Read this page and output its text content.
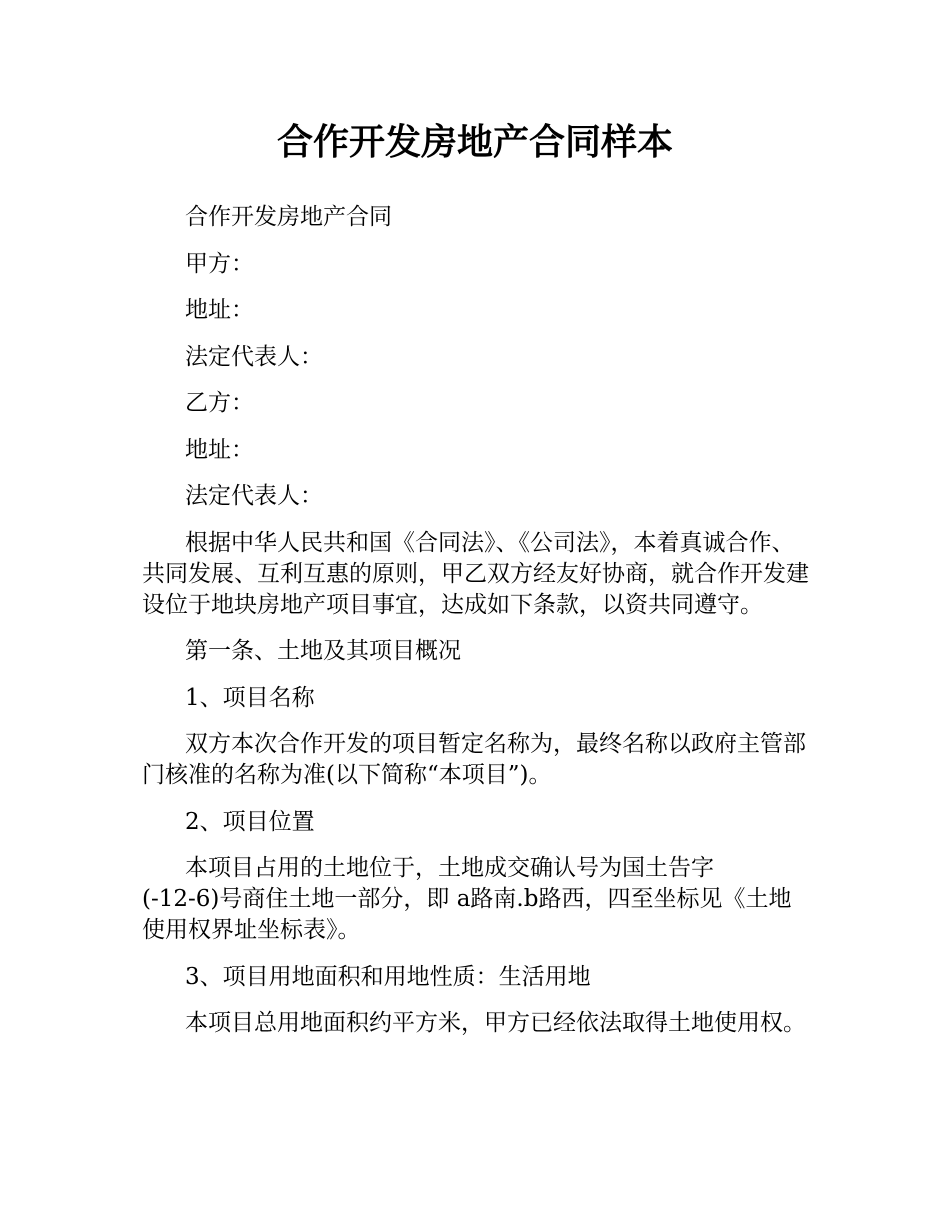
合作开发房地产合同样本

合作开发房地产合同

甲方：

地址：

法定代表人：

乙方：

地址：

法定代表人：

根据中华人民共和国《合同法》、《公司法》，本着真诚合作、共同发展、互利互惠的原则，甲乙双方经友好协商，就合作开发建设位于地块房地产项目事宜，达成如下条款，以资共同遵守。

第一条、土地及其项目概况

1、项目名称

双方本次合作开发的项目暂定名称为，最终名称以政府主管部门核准的名称为准(以下简称“本项目”)。

2、项目位置

本项目占用的土地位于，土地成交确认号为国土告字
(-12-6)号商住土地一部分，即 a路南.b路西，四至坐标见《土地使用权界址坐标表》。

3、项目用地面积和用地性质：生活用地

本项目总用地面积约平方米，甲方已经依法取得土地使用权。
